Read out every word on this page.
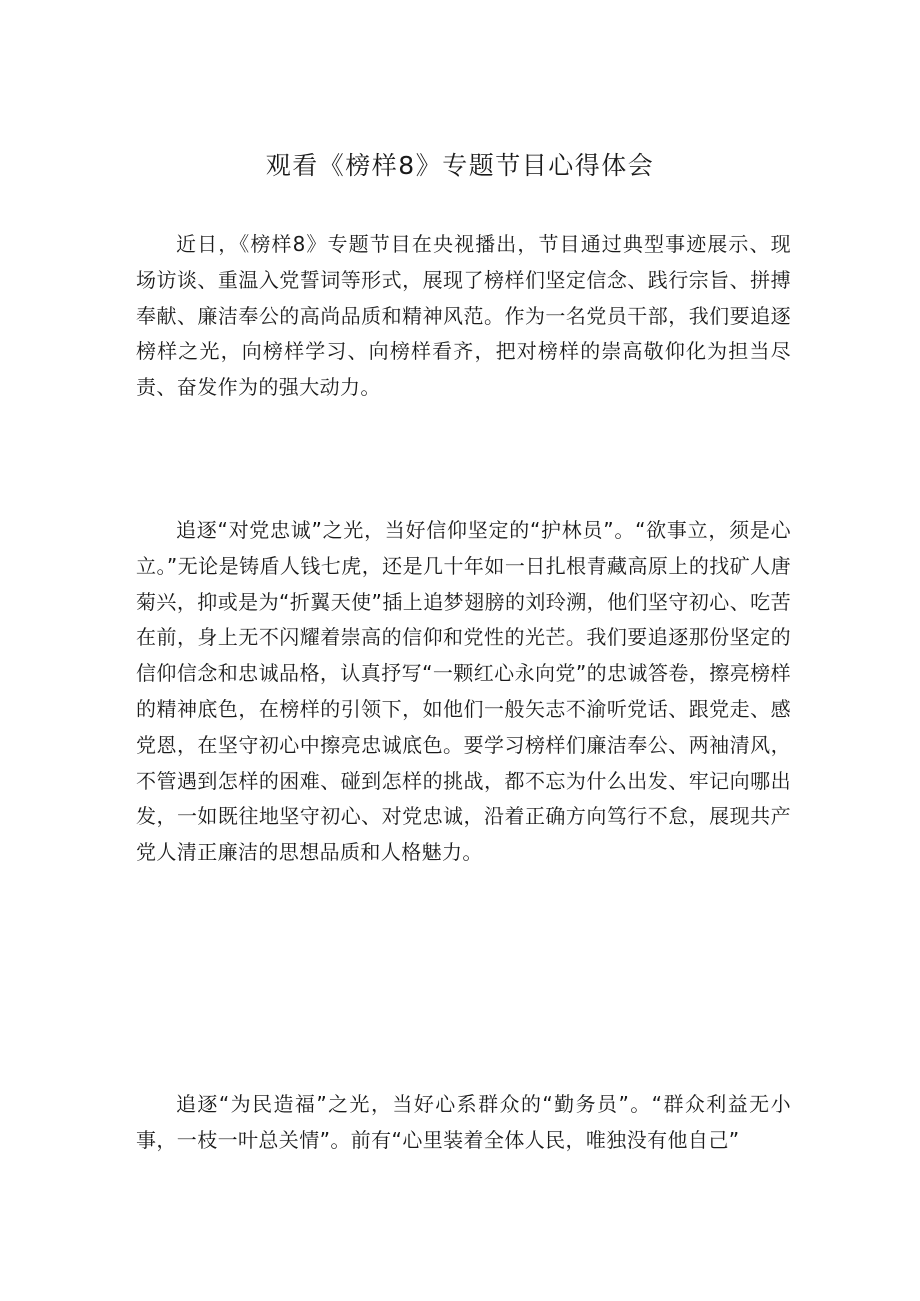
观看《榜样8》专题节目心得体会

近日，《榜样8》专题节目在央视播出，节目通过典型事迹展示、现场访谈、重温入党誓词等形式，展现了榜样们坚定信念、践行宗旨、拼搏奉献、廉洁奉公的高尚品质和精神风范。作为一名党员干部，我们要追逐榜样之光，向榜样学习、向榜样看齐，把对榜样的崇高敬仰化为担当尽责、奋发作为的强大动力。

追逐“对党忠诚”之光，当好信仰坚定的“护林员”。“欲事立，须是心立。”无论是铸盾人钱七虎，还是几十年如一日扎根青藏高原上的找矿人唐菊兴，抑或是为“折翼天使”插上追梦翅膀的刘玲溯，他们坚守初心、吃苦在前，身上无不闪耀着崇高的信仰和党性的光芒。我们要追逐那份坚定的信仰信念和忠诚品格，认真抒写“一颗红心永向党”的忠诚答卷，擦亮榜样的精神底色，在榜样的引领下，如他们一般矢志不渝听党话、跟党走、感党恩，在坚守初心中擦亮忠诚底色。要学习榜样们廉洁奉公、两袖清风，不管遇到怎样的困难、碰到怎样的挑战，都不忘为什么出发、牢记向哪出发，一如既往地坚守初心、对党忠诚，沿着正确方向笃行不怠，展现共产党人清正廉洁的思想品质和人格魅力。

追逐“为民造福”之光，当好心系群众的“勤务员”。“群众利益无小事，一枝一叶总关情”。前有“心里装着全体人民，唯独没有他自己”
